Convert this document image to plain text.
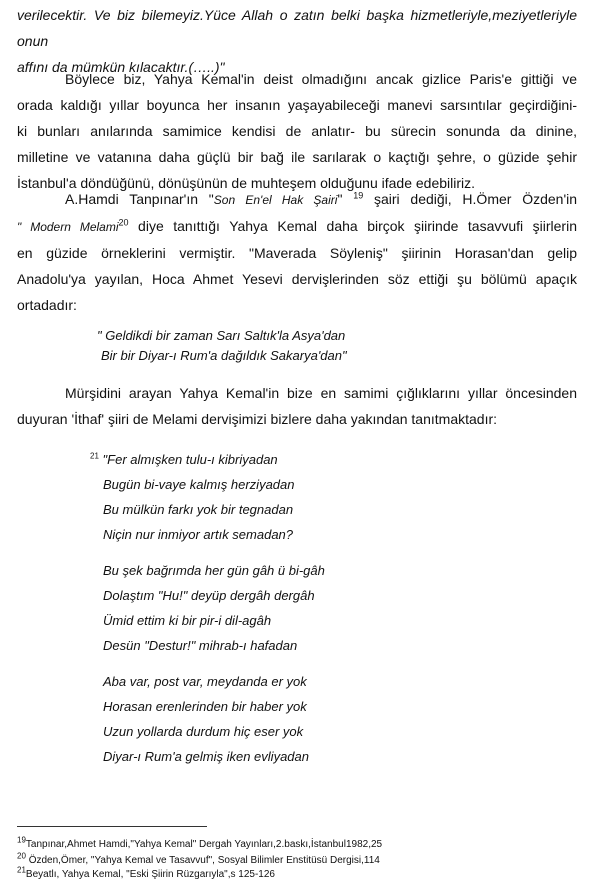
verilecektir. Ve biz bilemeyiz.Yüce Allah o zatın belki başka hizmetleriyle,meziyetleriyle onun
affını da mümkün kılacaktır.(…..)"
Böylece biz, Yahya Kemal'in deist olmadığını ancak gizlice Paris'e gittiği ve
orada kaldığı yıllar boyunca her insanın yaşayabileceği manevi sarsıntılar geçirdiğini-
ki bunları anılarında samimice kendisi de anlatır- bu sürecin sonunda da dinine,
milletine ve vatanına daha güçlü bir bağ ile sarılarak o kaçtığı şehre, o güzide şehir
İstanbul'a döndüğünü, dönüşünün de muhteşem olduğunu ifade edebiliriz.
A.Hamdi Tanpınar'ın "Son En'el Hak Şairi" $^{19}$ şairi dediği, H.Ömer Özden'in
" Modern Melami$^{20}$ diye tanıttığı Yahya Kemal daha birçok şiirinde tasavvufi şiirlerin
en güzide örneklerini vermiştir. "Maverada Söyleniş" şiirinin Horasan'dan gelip
Anadolu'ya yayılan, Hoca Ahmet Yesevi dervişlerinden söz ettiği şu bölümü apaçık
ortadadır:
" Geldikdi bir zaman Sarı Saltık'la Asya'dan
Bir bir Diyar-ı Rum'a dağıldık Sakarya'dan"
Mürşidini arayan Yahya Kemal'in bize en samimi çığlıklarını yıllar öncesinden
duyuran 'İthaf' şiiri de Melami dervişimizi bizlere daha yakından tanıtmaktadır:
$^{21}$ "Fer almışken tulu-ı kibriyadan
Bugün bi-vaye kalmış herziyadan
Bu mülkün farkı yok bir tegnadan
Niçin nur inmiyor artık semadan?
Bu şek bağrımda her gün gâh ü bi-gâh
Dolaştım "Hu!" deyüp dergâh dergâh
Ümid ettim ki bir pir-i dil-agâh
Desün "Destur!" mihrab-ı hafadan
Aba var, post var, meydanda er yok
Horasan erenlerinden bir haber yok
Uzun yollarda durdum hiç eser yok
Diyar-ı Rum'a gelmiş iken evliyadan
$^{19}$Tanpınar,Ahmet Hamdi,"Yahya Kemal" Dergah Yayınları,2.baskı,İstanbul1982,25
$^{20}$ Özden,Ömer, "Yahya Kemal ve Tasavvuf", Sosyal Bilimler Enstitüsü Dergisi,114
$^{21}$Beyatlı, Yahya Kemal, "Eski Şiirin Rüzgarıyla",s 125-126
